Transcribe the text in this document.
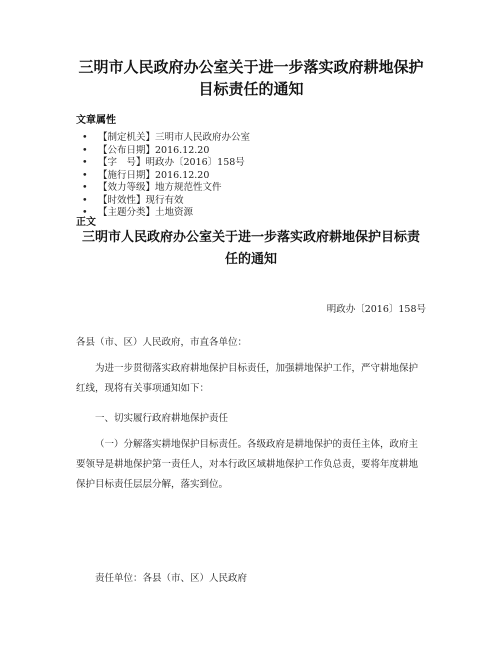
三明市人民政府办公室关于进一步落实政府耕地保护
目标责任的通知
文章属性
• 【制定机关】三明市人民政府办公室
• 【公布日期】2016.12.20
• 【字　号】明政办〔2016〕158号
• 【施行日期】2016.12.20
• 【效力等级】地方规范性文件
• 【时效性】现行有效
• 【主题分类】土地资源
正文
三明市人民政府办公室关于进一步落实政府耕地保护目标责
任的通知
明政办〔2016〕158号

各县（市、区）人民政府，市直各单位：

为进一步贯彻落实政府耕地保护目标责任，加强耕地保护工作，严守耕地保护
红线，现将有关事项通知如下：

一、切实履行政府耕地保护责任

（一）分解落实耕地保护目标责任。各级政府是耕地保护的责任主体，政府主
要领导是耕地保护第一责任人，对本行政区域耕地保护工作负总责，要将年度耕地
保护目标责任层层分解，落实到位。

责任单位：各县（市、区）人民政府
